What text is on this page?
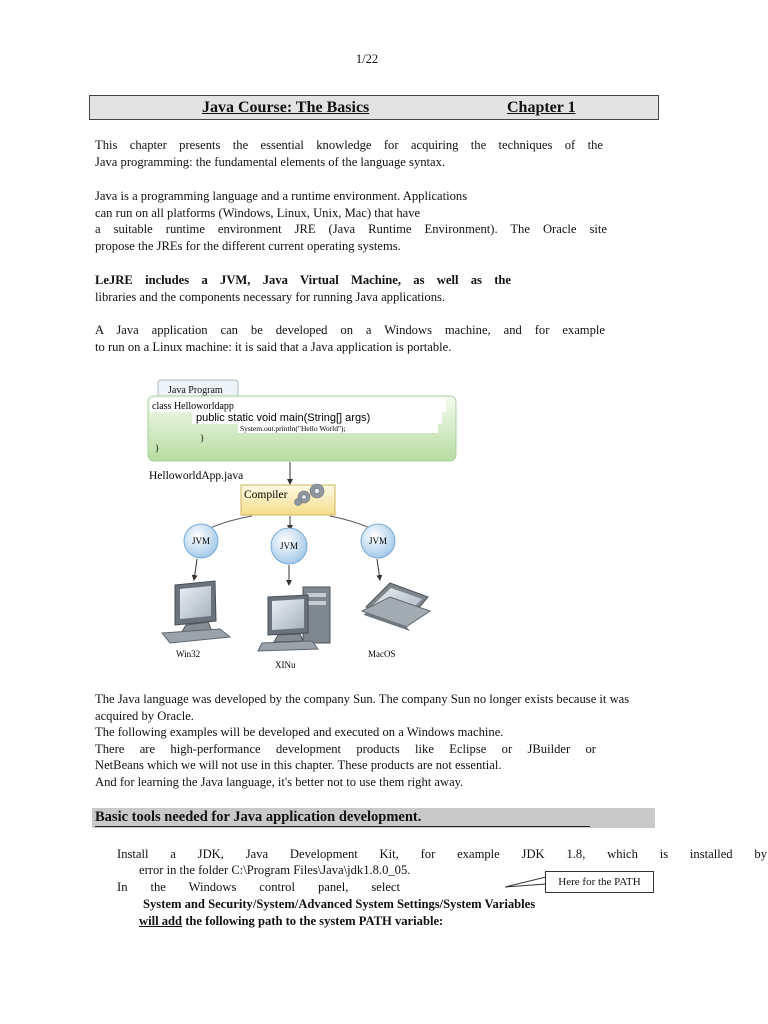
1/22
Java Course: The Basics	Chapter 1
This chapter presents the essential knowledge for acquiring the techniques of the
Java programming: the fundamental elements of the language syntax.
Java is a programming language and a runtime environment. Applications
can run on all platforms (Windows, Linux, Unix, Mac) that have
a suitable runtime environment JRE (Java Runtime Environment). The Oracle site
propose the JREs for the different current operating systems.
LeJRE includes a JVM, Java Virtual Machine, as well as the
libraries and the components necessary for running Java applications.
A Java application can be developed on a Windows machine, and for example
to run on a Linux machine: it is said that a Java application is portable.
Java Program
class Helloworldapp
public static void main(String[] args)
System.out.println("Hello World");
}
}
HelloworldApp.java
Compiler
JVM	JVM	JVM
Win32
XINu
MacOS
The Java language was developed by the company Sun. The company Sun no longer exists because it was
acquired by Oracle.
The following examples will be developed and executed on a Windows machine.
There are high-performance development products like Eclipse or JBuilder or
NetBeans which we will not use in this chapter. These products are not essential.
And for learning the Java language, it's better not to use them right away.
Basic tools needed for Java application development.
Install a JDK, Java Development Kit, for example JDK 1.8, which is installed by
error in the folder C:\Program Files\Java\jdk1.8.0_05.
In the Windows control panel, select	Here for the PATH
System and Security/System/Advanced System Settings/System Variables
will add the following path to the system PATH variable:
